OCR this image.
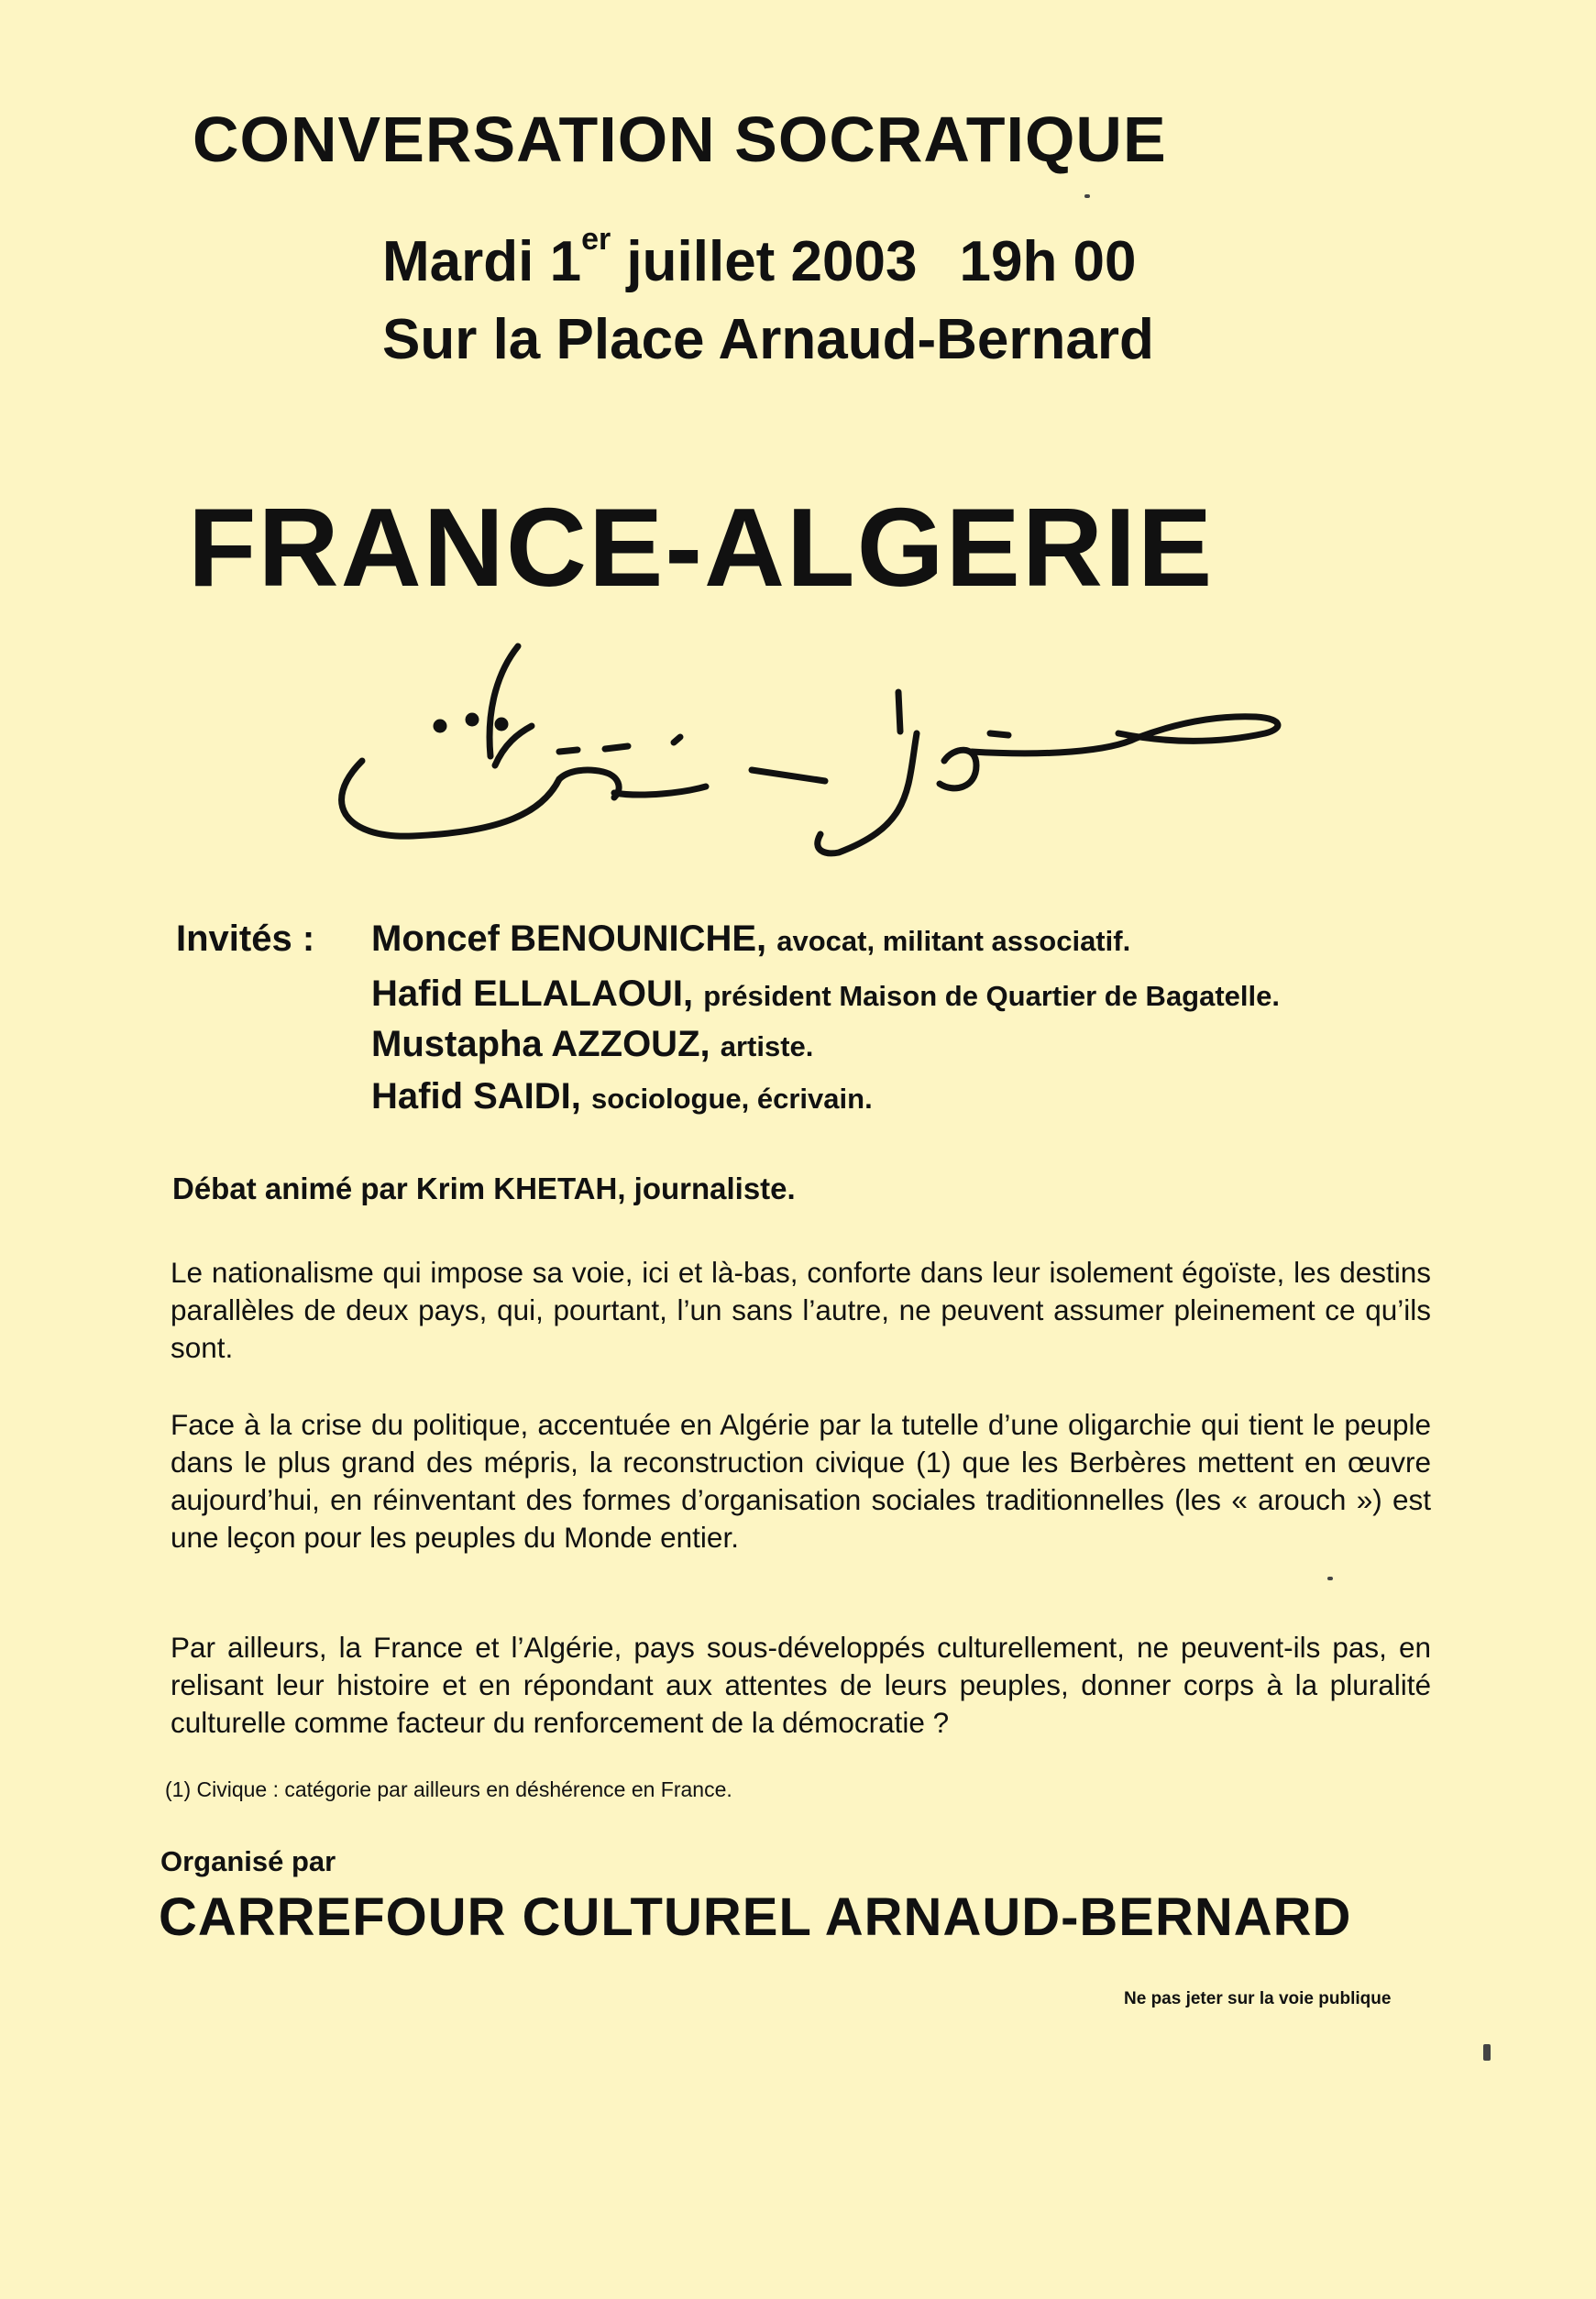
CONVERSATION SOCRATIQUE
Mardi 1er juillet 2003 19h 00
Sur la Place Arnaud-Bernard
FRANCE-ALGERIE
Invités : Moncef BENOUNICHE, avocat, militant associatif.
Hafid ELLALAOUI, président Maison de Quartier de Bagatelle.
Mustapha AZZOUZ, artiste.
Hafid SAIDI, sociologue, écrivain.
Débat animé par Krim KHETAH, journaliste.
Le nationalisme qui impose sa voie, ici et là-bas, conforte dans leur isolement égoïste, les destins parallèles de deux pays, qui, pourtant, l’un sans l’autre, ne peuvent assumer pleinement ce qu’ils sont.
Face à la crise du politique, accentuée en Algérie par la tutelle d’une oligarchie qui tient le peuple dans le plus grand des mépris, la reconstruction civique (1) que les Berbères mettent en œuvre aujourd’hui, en réinventant des formes d’organisation sociales traditionnelles (les « arouch ») est une leçon pour les peuples du Monde entier.
Par ailleurs, la France et l’Algérie, pays sous-développés culturellement, ne peuvent-ils pas, en relisant leur histoire et en répondant aux attentes de leurs peuples, donner corps à la pluralité culturelle comme facteur du renforcement de la démocratie ?
(1) Civique : catégorie par ailleurs en déshérence en France.
Organisé par
CARREFOUR CULTUREL ARNAUD-BERNARD
Ne pas jeter sur la voie publique
